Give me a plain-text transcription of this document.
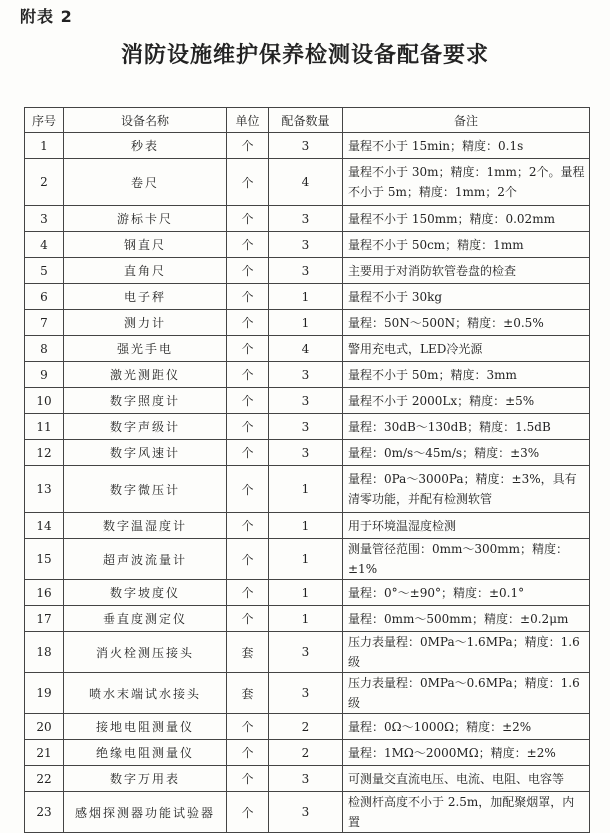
附表 2
消防设施维护保养检测设备配备要求
序号	设备名称	单位	配备数量	备注
1	秒表	个	3	量程不小于 15min；精度：0.1s
2	卷尺	个	4	量程不小于 30m；精度：1mm；2个。量程不小于 5m；精度：1mm；2个
3	游标卡尺	个	3	量程不小于 150mm；精度：0.02mm
4	钢直尺	个	3	量程不小于 50cm；精度：1mm
5	直角尺	个	3	主要用于对消防软管卷盘的检查
6	电子秤	个	1	量程不小于 30kg
7	测力计	个	1	量程：50N～500N；精度：±0.5%
8	强光手电	个	4	警用充电式，LED冷光源
9	激光测距仪	个	3	量程不小于 50m；精度：3mm
10	数字照度计	个	3	量程不小于 2000Lx；精度：±5%
11	数字声级计	个	3	量程：30dB～130dB；精度：1.5dB
12	数字风速计	个	3	量程：0m/s～45m/s；精度：±3%
13	数字微压计	个	1	量程：0Pa～3000Pa；精度：±3%，具有清零功能，并配有检测软管
14	数字温湿度计	个	1	用于环境温湿度检测
15	超声波流量计	个	1	测量管径范围：0mm～300mm；精度：±1%
16	数字坡度仪	个	1	量程：0°～±90°；精度：±0.1°
17	垂直度测定仪	个	1	量程：0mm～500mm；精度：±0.2μm
18	消火栓测压接头	套	3	压力表量程：0MPa～1.6MPa；精度：1.6级
19	喷水末端试水接头	套	3	压力表量程：0MPa～0.6MPa；精度：1.6级
20	接地电阻测量仪	个	2	量程：0Ω～1000Ω；精度：±2%
21	绝缘电阻测量仪	个	2	量程：1MΩ～2000MΩ；精度：±2%
22	数字万用表	个	3	可测量交直流电压、电流、电阻、电容等
23	感烟探测器功能试验器	个	3	检测杆高度不小于 2.5m，加配聚烟罩，内置
